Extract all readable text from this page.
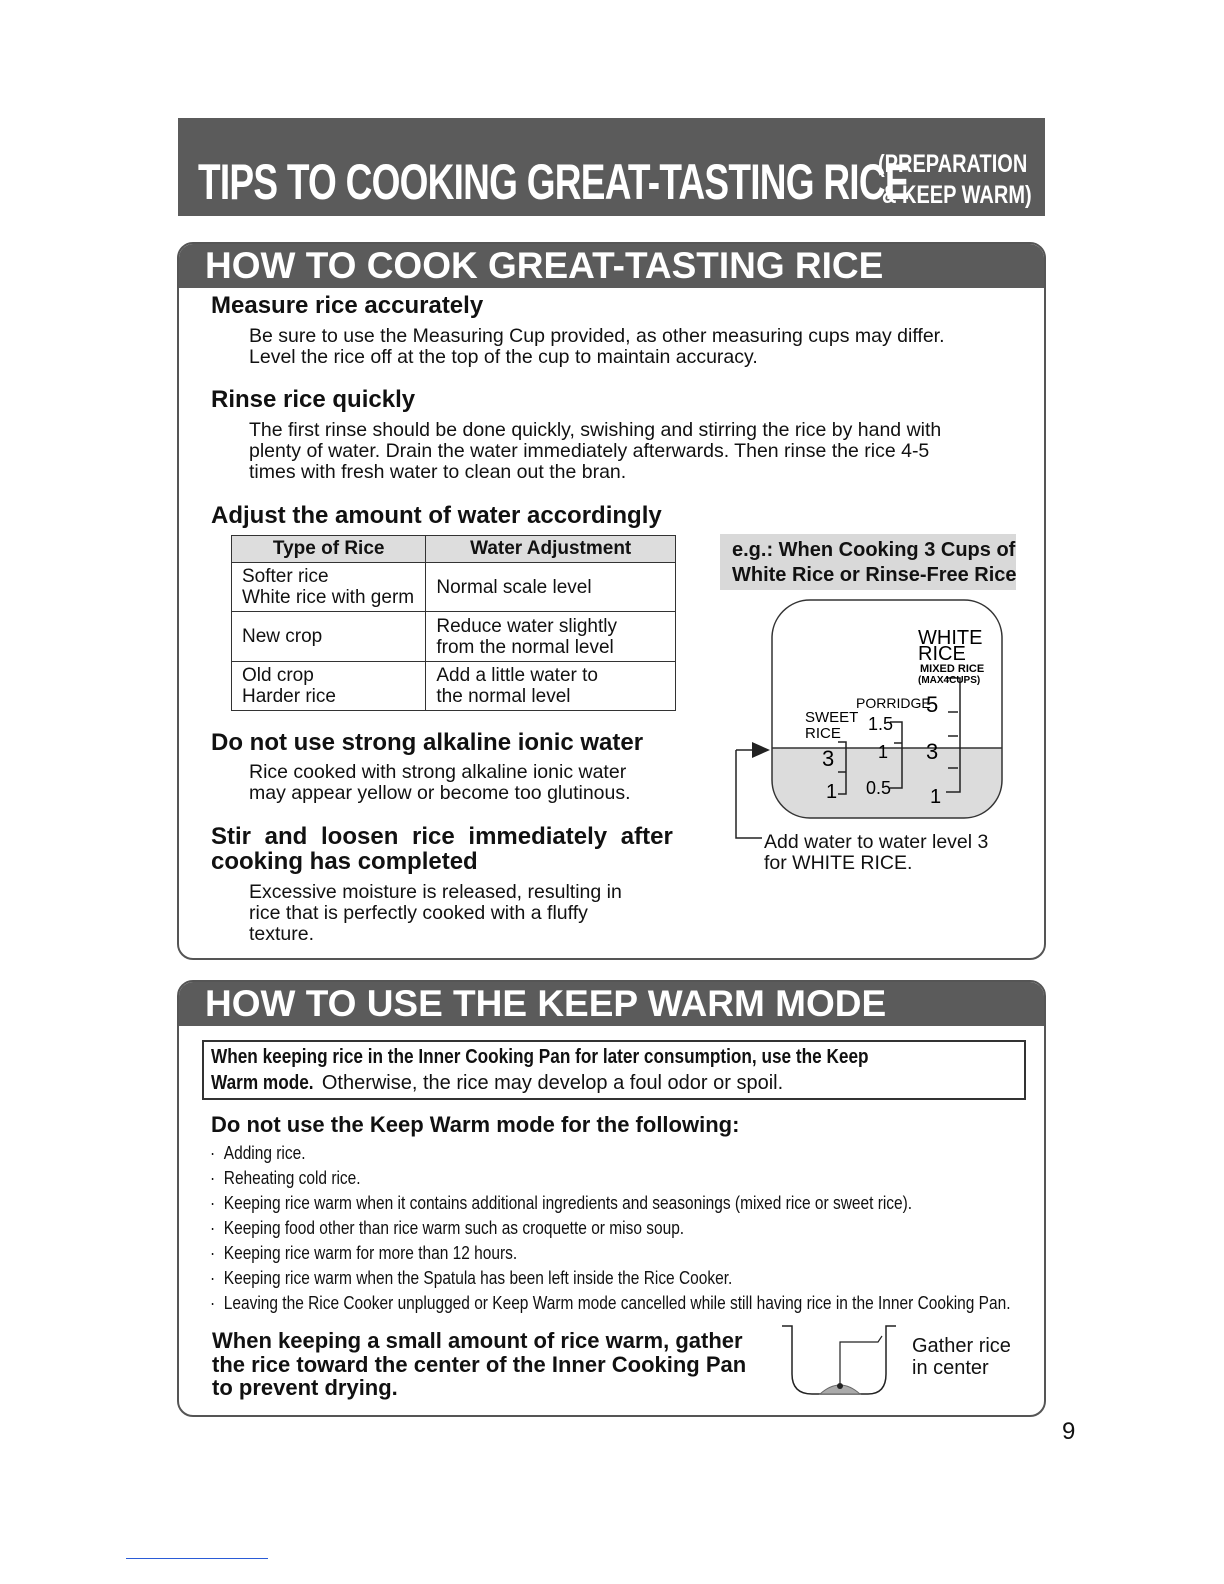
TIPS TO COOKING GREAT-TASTING RICE
(PREPARATION
& KEEP WARM)
HOW TO COOK GREAT-TASTING RICE
Measure rice accurately
Be sure to use the Measuring Cup provided, as other measuring cups may differ.
Level the rice off at the top of the cup to maintain accuracy.
Rinse rice quickly
The first rinse should be done quickly, swishing and stirring the rice by hand with
plenty of water. Drain the water immediately afterwards. Then rinse the rice 4-5
times with fresh water to clean out the bran.
Adjust the amount of water accordingly
Type of Rice	Water Adjustment

Softer rice
White rice with germ	Normal scale level

New crop	Reduce water slightly
from the normal level

Old crop
Harder rice	Add a little water to
the normal level
Do not use strong alkaline ionic water
Rice cooked with strong alkaline ionic water
may appear yellow or become too glutinous.
Stir and loosen rice immediately after
cooking has completed
Excessive moisture is released, resulting in
rice that is perfectly cooked with a fluffy
texture.
e.g.: When Cooking 3 Cups of
White Rice or Rinse-Free Rice
WHITE
RICE
MIXED RICE
(MAX4CUPS)
5
3
1
PORRIDGE
1.5
1
0.5
SWEET
RICE
3
1
Add water to water level 3
for WHITE RICE.
HOW TO USE THE KEEP WARM MODE
When keeping rice in the Inner Cooking Pan for later consumption, use the Keep
Warm mode. Otherwise, the rice may develop a foul odor or spoil.
Do not use the Keep Warm mode for the following:
· Adding rice.
· Reheating cold rice.
· Keeping rice warm when it contains additional ingredients and seasonings (mixed rice or sweet rice).
· Keeping food other than rice warm such as croquette or miso soup.
· Keeping rice warm for more than 12 hours.
· Keeping rice warm when the Spatula has been left inside the Rice Cooker.
· Leaving the Rice Cooker unplugged or Keep Warm mode cancelled while still having rice in the Inner Cooking Pan.
When keeping a small amount of rice warm, gather
the rice toward the center of the Inner Cooking Pan
to prevent drying.
Gather rice
in center
9
